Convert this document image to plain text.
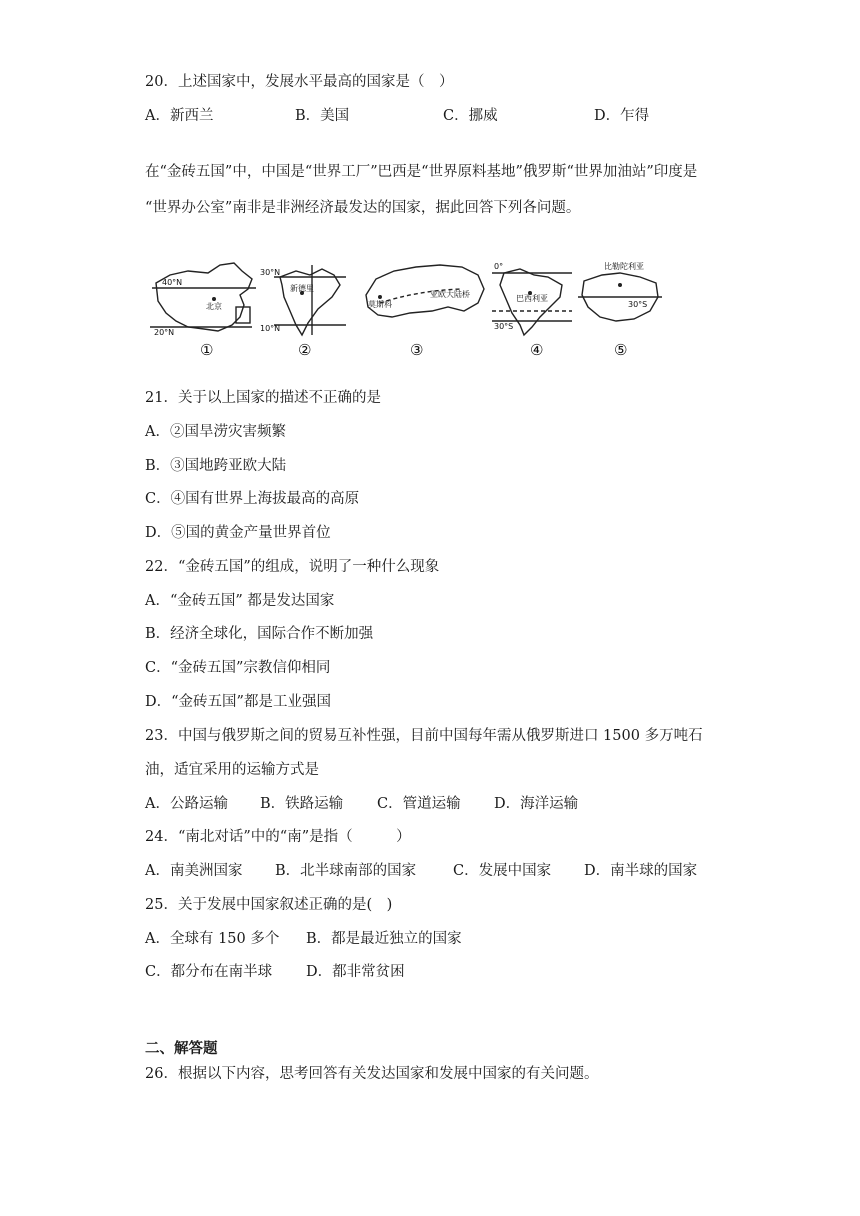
20．上述国家中，发展水平最高的国家是（　）
A．新西兰	B．美国	C．挪威	D．乍得
在“金砖五国”中，中国是“世界工厂”巴西是“世界原料基地”俄罗斯“世界加油站”印度是
“世界办公室”南非是非洲经济最发达的国家，据此回答下列各问题。
40°N
20°N
北京
30°N
10°N
新德里
莫斯科
亚欧大陆桥
0°
30°S
巴西利亚
30°S
比勒陀利亚
①	②	③	④	⑤
21．关于以上国家的描述不正确的是
A．②国旱涝灾害频繁
B．③国地跨亚欧大陆
C．④国有世界上海拔最高的高原
D．⑤国的黄金产量世界首位
22．“金砖五国”的组成，说明了一种什么现象
A．“金砖五国” 都是发达国家
B．经济全球化，国际合作不断加强
C．“金砖五国”宗教信仰相同
D．“金砖五国”都是工业强国
23．中国与俄罗斯之间的贸易互补性强，目前中国每年需从俄罗斯进口 1500 多万吨石
油，适宜采用的运输方式是
A．公路运输 B．铁路运输 C．管道运输 D．海洋运输
24．“南北对话”中的“南”是指（　　　）
A．南美洲国家 B．北半球南部的国家	C．发展中国家 D．南半球的国家
25．关于发展中国家叙述正确的是(　)
A．全球有 150 多个 B．都是最近独立的国家
C．都分布在南半球 D．都非常贫困
二、解答题
26．根据以下内容，思考回答有关发达国家和发展中国家的有关问题。
